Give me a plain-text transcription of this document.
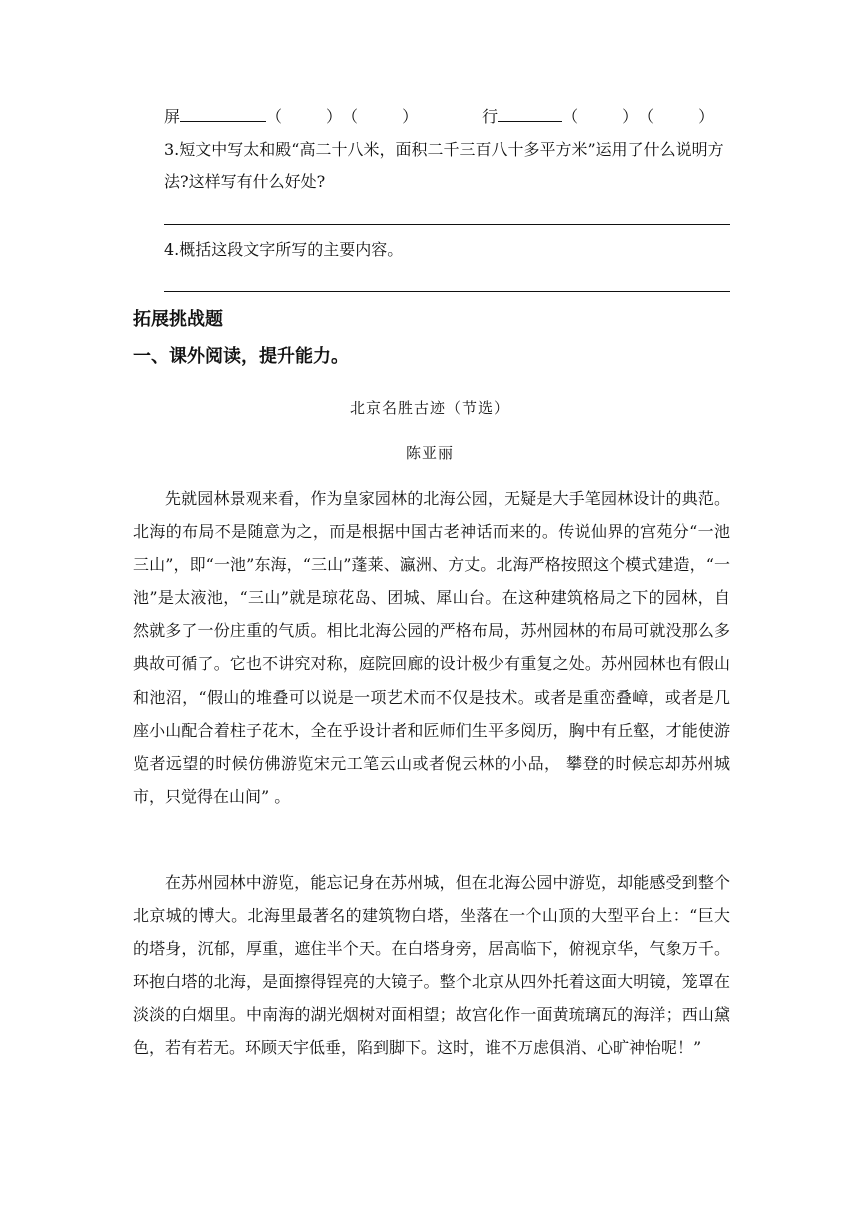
屏	（	）（	）	行	（	）（	）
3.短文中写太和殿“高二十八米，面积二千三百八十多平方米”运用了什么说明方法?这样写有什么好处?
4.概括这段文字所写的主要内容。
拓展挑战题
一、课外阅读，提升能力。
北京名胜古迹（节选）
陈亚丽

先就园林景观来看，作为皇家园林的北海公园，无疑是大手笔园林设计的典范。北海的布局不是随意为之，而是根据中国古老神话而来的。传说仙界的宫苑分“一池三山”，即“一池”东海，“三山”蓬莱、瀛洲、方丈。北海严格按照这个模式建造，“一池”是太液池，“三山”就是琼花岛、团城、犀山台。在这种建筑格局之下的园林，自然就多了一份庄重的气质。相比北海公园的严格布局，苏州园林的布局可就没那么多典故可循了。它也不讲究对称，庭院回廊的设计极少有重复之处。苏州园林也有假山和池沼，“假山的堆叠可以说是一项艺术而不仅是技术。或者是重峦叠嶂，或者是几座小山配合着柱子花木，全在乎设计者和匠师们生平多阅历，胸中有丘壑，才能使游览者远望的时候仿佛游览宋元工笔云山或者倪云林的小品， 攀登的时候忘却苏州城市，只觉得在山间” 。

在苏州园林中游览，能忘记身在苏州城，但在北海公园中游览，却能感受到整个北京城的博大。北海里最著名的建筑物白塔，坐落在一个山顶的大型平台上：“巨大的塔身，沉郁，厚重，遮住半个天。在白塔身旁，居高临下，俯视京华，气象万千。环抱白塔的北海，是面擦得锃亮的大镜子。整个北京从四外托着这面大明镜，笼罩在淡淡的白烟里。中南海的湖光烟树对面相望；故宫化作一面黄琉璃瓦的海洋；西山黛色，若有若无。环顾天宇低垂，陷到脚下。这时，谁不万虑俱消、心旷神怡呢！”
